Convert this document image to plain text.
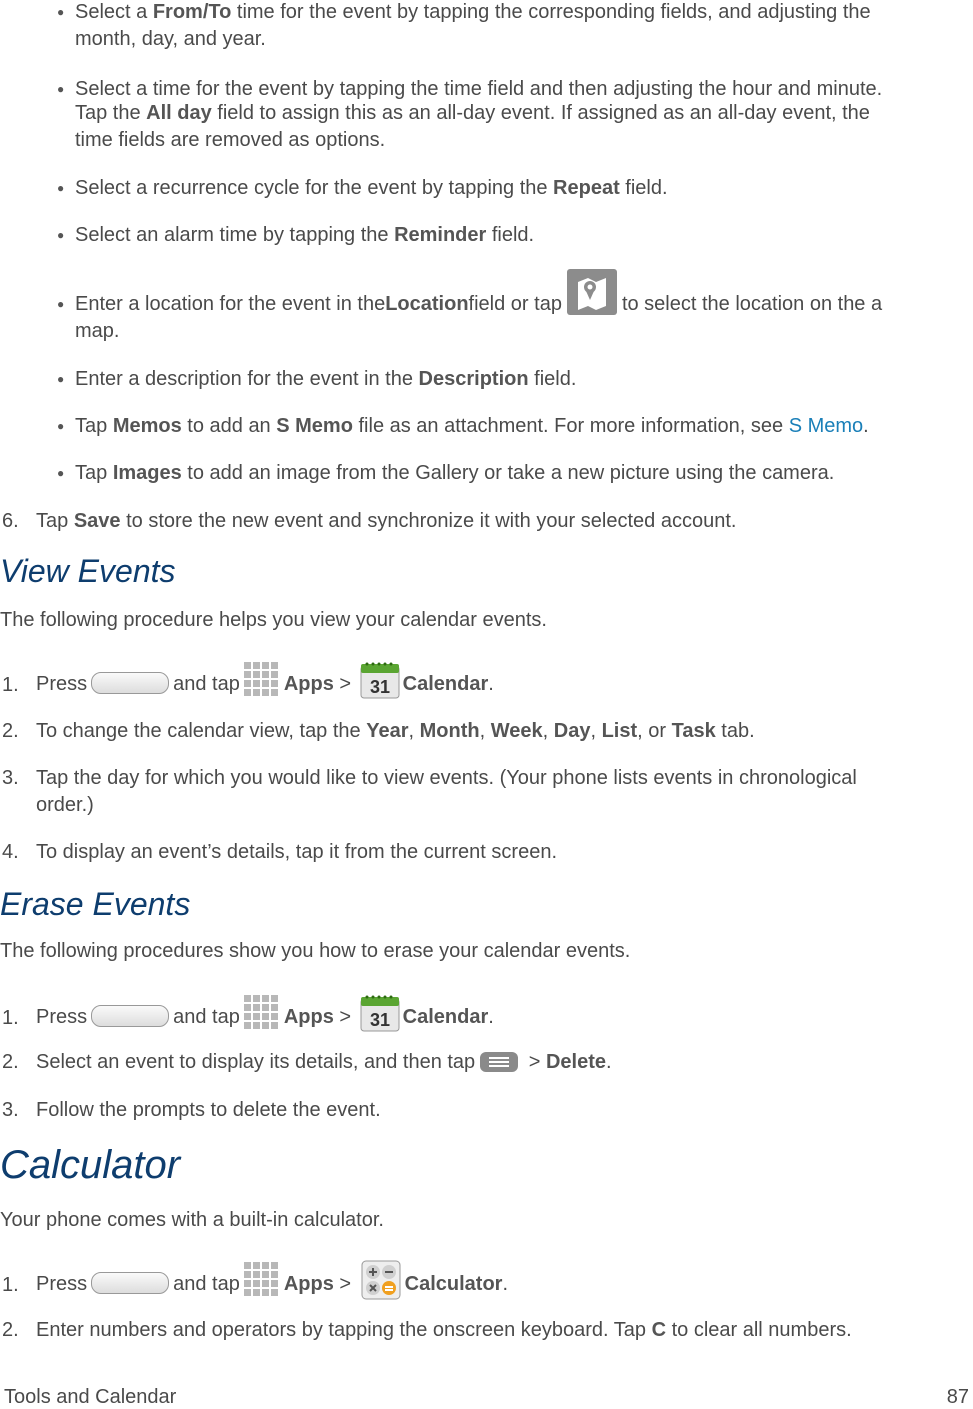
● Select a From/To time for the event by tapping the corresponding fields, and adjusting the
month, day, and year.
● Select a time for the event by tapping the time field and then adjusting the hour and minute.
Tap the All day field to assign this as an all-day event. If assigned as an all-day event, the
time fields are removed as options.
● Select a recurrence cycle for the event by tapping the Repeat field.
● Select an alarm time by tapping the Reminder field.
● Enter a location for the event in the Location field or tap	to select the location on the a
map.
● Enter a description for the event in the Description field.
● Tap Memos to add an S Memo file as an attachment. For more information, see S Memo.
● Tap Images to add an image from the Gallery or take a new picture using the camera.
6. Tap Save to store the new event and synchronize it with your selected account.
View Events
The following procedure helps you view your calendar events.
1. Press	and tap Apps > 31 Calendar .
2. To change the calendar view, tap the Year, Month, Week, Day, List, or Task tab.
3. Tap the day for which you would like to view events. (Your phone lists events in chronological
order.)
4. To display an event’s details, tap it from the current screen.
Erase Events
The following procedures show you how to erase your calendar events.
1. Press	and tap Apps > 31 Calendar .
2. Select an event to display its details, and then tap > Delete .
3. Follow the prompts to delete the event.
Calculator
Your phone comes with a built-in calculator.
1. Press	and tap Apps > Calculator .
2. Enter numbers and operators by tapping the onscreen keyboard. Tap C to clear all numbers.
Tools and Calendar	87
